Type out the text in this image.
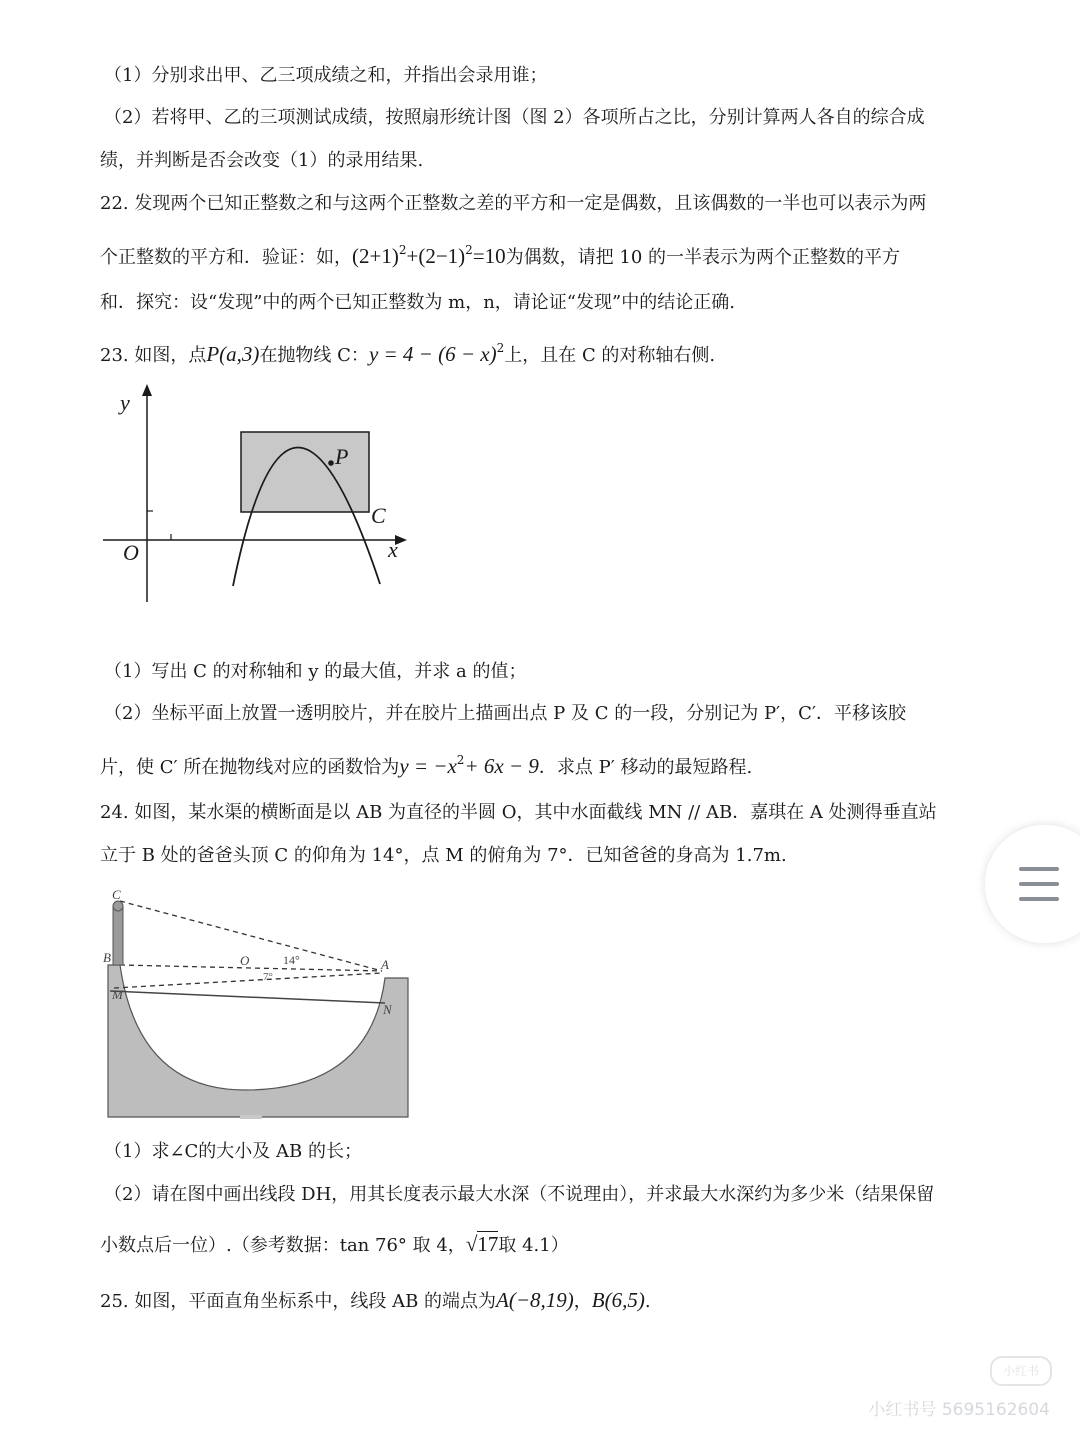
（1）分别求出甲、乙三项成绩之和，并指出会录用谁；
（2）若将甲、乙的三项测试成绩，按照扇形统计图（图 2）各项所占之比，分别计算两人各自的综合成
绩，并判断是否会改变（1）的录用结果.
22. 发现两个已知正整数之和与这两个正整数之差的平方和一定是偶数，且该偶数的一半也可以表示为两
个正整数的平方和．验证：如，$(2+1)^2+(2-1)^2=10$为偶数，请把 10 的一半表示为两个正整数的平方
和．探究：设“发现”中的两个已知正整数为 m，n，请论证“发现”中的结论正确.
23. 如图，点P(a,3)在抛物线 C：$y = 4 - (6 - x)^2$上，且在 C 的对称轴右侧.
y
x
O
P
C
（1）写出 C 的对称轴和 y 的最大值，并求 a 的值；
（2）坐标平面上放置一透明胶片，并在胶片上描画出点 P 及 C 的一段，分别记为 P′，C′．平移该胶
片，使 C′ 所在抛物线对应的函数恰为$y = -x^2+ 6x - 9$．求点 P′ 移动的最短路程.
24. 如图，某水渠的横断面是以 AB 为直径的半圆 O，其中水面截线 MN // AB．嘉琪在 A 处测得垂直站
立于 B 处的爸爸头顶 C 的仰角为 14°，点 M 的俯角为 7°．已知爸爸的身高为 1.7m.
C
B
M
O	A
N
14°
7°
（1）求∠C的大小及 AB 的长；
（2）请在图中画出线段 DH，用其长度表示最大水深（不说理由），并求最大水深约为多少米（结果保留
小数点后一位）.（参考数据：tan 76° 取 4，√17取 4.1）
25. 如图，平面直角坐标系中，线段 AB 的端点为A(−8,19)，B(6,5).
小红书
小红书号 5695162604
